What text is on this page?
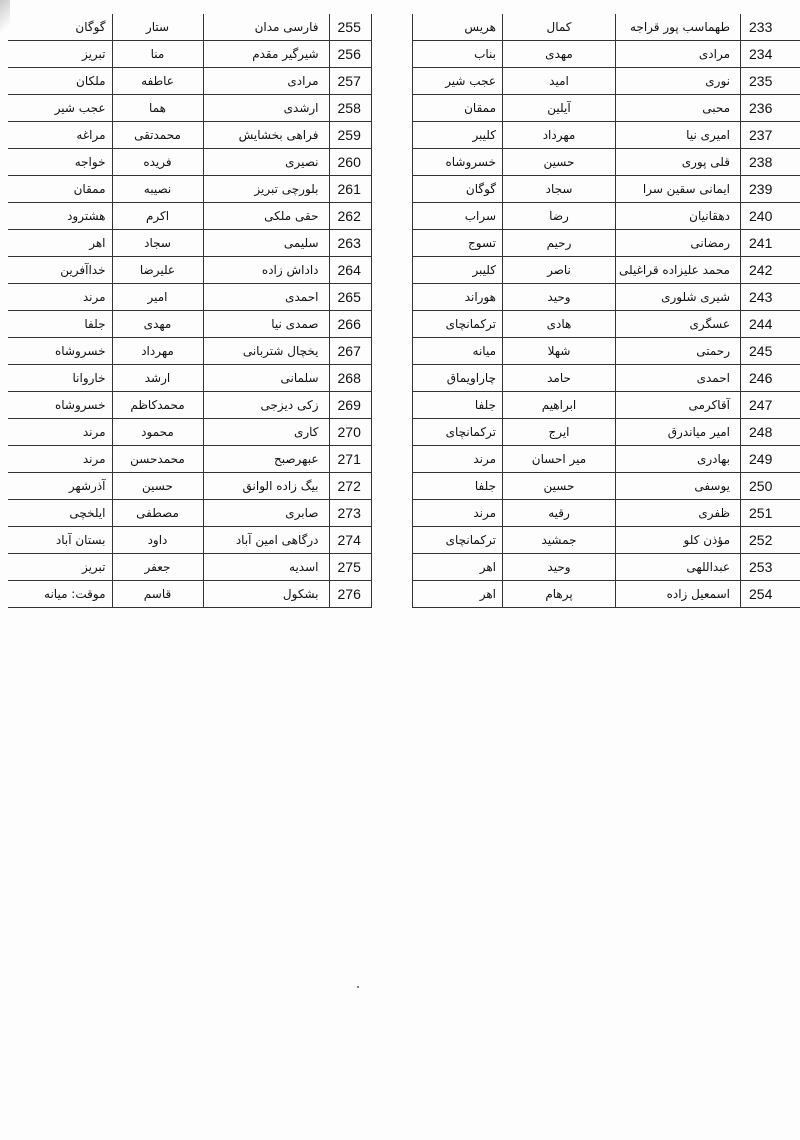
گوگان	ستار	فارسی مدان	255
تبریز	منا	شیرگیر مقدم	256
ملکان	عاطفه	مرادی	257
عجب شیر	هما	ارشدی	258
مراغه	محمدتقی	فراهی بخشایش	259
خواجه	فریده	نصیری	260
ممقان	نصیبه	بلورچی تبریز	261
هشترود	اکرم	حقی ملکی	262
اهر	سجاد	سلیمی	263
خداآفرین	علیرضا	داداش زاده	264
مرند	امیر	احمدی	265
جلفا	مهدی	صمدی نیا	266
خسروشاه	مهرداد	یخچال شتربانی	267
خاروانا	ارشد	سلمانی	268
خسروشاه	محمدکاظم	زکی دیزجی	269
مرند	محمود	کاری	270
مرند	محمدحسن	عبهرصبح	271
آذرشهر	حسین	بیگ زاده الوانق	272
ایلخچی	مصطفی	صابری	273
بستان آباد	داود	درگاهی امین آباد	274
تبریز	جعفر	اسدیه	275
موقت: میانه	قاسم	بشکول	276
هریس	کمال	طهماسب پور قراجه	233
بناب	مهدی	مرادی	234
عجب شیر	امید	نوری	235
ممقان	آیلین	محبی	236
کلیبر	مهرداد	امیری نیا	237
خسروشاه	حسین	قلی پوری	238
گوگان	سجاد	ایمانی سقین سرا	239
سراب	رضا	دهقانیان	240
تسوج	رحیم	رمضانی	241
کلیبر	ناصر	محمد علیزاده قراغیلی	242
هوراند	وحید	شیری شلوری	243
ترکمانچای	هادی	عسگری	244
میانه	شهلا	رحمتی	245
چاراویماق	حامد	احمدی	246
جلفا	ابراهیم	آقاکرمی	247
ترکمانچای	ایرج	امیر میاندرق	248
مرند	میر احسان	بهادری	249
جلفا	حسین	یوسفی	250
مرند	رقیه	ظفری	251
ترکمانچای	جمشید	مؤذن کلو	252
اهر	وحید	عبداللهی	253
اهر	پرهام	اسمعیل زاده	254
